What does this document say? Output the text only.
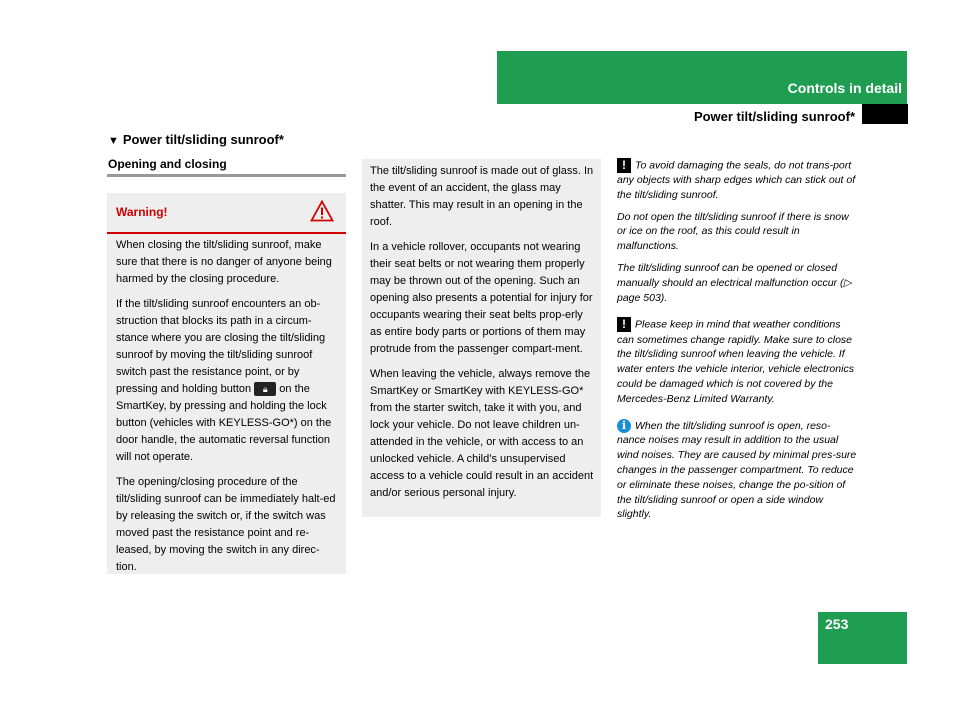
Controls in detail
Power tilt/sliding sunroof*
▼ Power tilt/sliding sunroof*
Opening and closing
Warning!

When closing the tilt/sliding sunroof, make sure that there is no danger of anyone being harmed by the closing procedure.

If the tilt/sliding sunroof encounters an ob-struction that blocks its path in a circum-stance where you are closing the tilt/sliding sunroof by moving the tilt/sliding sunroof switch past the resistance point, or by pressing and holding button 🔒︎ on the SmartKey, by pressing and holding the lock button (vehicles with KEYLESS-GO*) on the door handle, the automatic reversal function will not operate.

The opening/closing procedure of the tilt/sliding sunroof can be immediately halt-ed by releasing the switch or, if the switch was moved past the resistance point and re-leased, by moving the switch in any direc-tion.

The tilt/sliding sunroof is made out of glass. In the event of an accident, the glass may shatter. This may result in an opening in the roof.

In a vehicle rollover, occupants not wearing their seat belts or not wearing them properly may be thrown out of the opening. Such an opening also presents a potential for injury for occupants wearing their seat belts prop-erly as entire body parts or portions of them may protrude from the passenger compart-ment.

When leaving the vehicle, always remove the SmartKey or SmartKey with KEYLESS-GO* from the starter switch, take it with you, and lock your vehicle. Do not leave children un-attended in the vehicle, or with access to an unlocked vehicle. A child’s unsupervised access to a vehicle could result in an accident and/or serious personal injury.

! To avoid damaging the seals, do not trans-port any objects with sharp edges which can stick out of the tilt/sliding sunroof.

Do not open the tilt/sliding sunroof if there is snow or ice on the roof, as this could result in malfunctions.

The tilt/sliding sunroof can be opened or closed manually should an electrical malfunction occur (▷ page 503).

! Please keep in mind that weather conditions can sometimes change rapidly. Make sure to close the tilt/sliding sunroof when leaving the vehicle. If water enters the vehicle interior, vehicle electronics could be damaged which is not covered by the Mercedes-Benz Limited Warranty.

i When the tilt/sliding sunroof is open, reso-nance noises may result in addition to the usual wind noises. They are caused by minimal pres-sure changes in the passenger compartment. To reduce or eliminate these noises, change the po-sition of the tilt/sliding sunroof or open a side window slightly.

253
